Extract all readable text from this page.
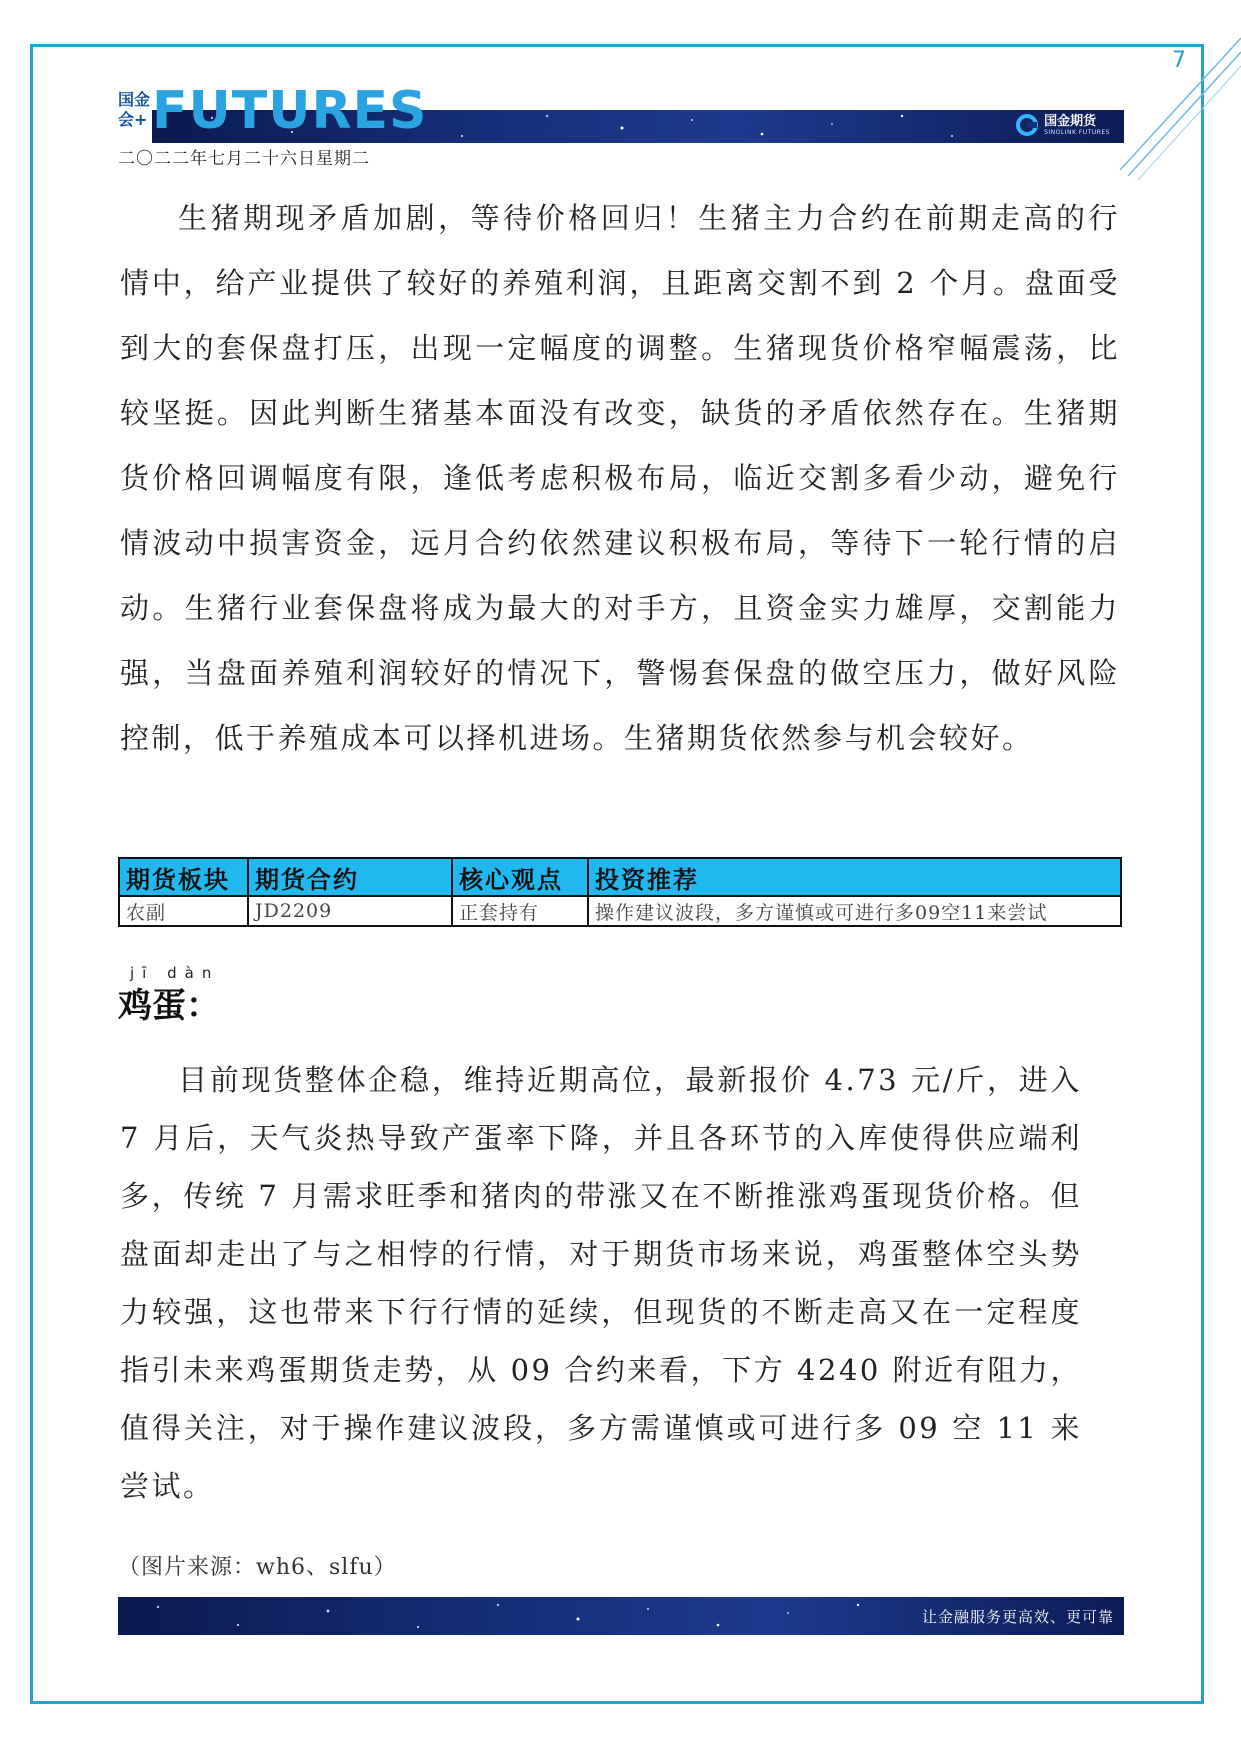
7
国金会+	国金期货
SINOLINK FUTURES
FUTURES
二〇二二年七月二十六日星期二

生猪期现矛盾加剧，等待价格回归！生猪主力合约在前期走高的行情中，给产业提供了较好的养殖利润，且距离交割不到 2 个月。盘面受到大的套保盘打压，出现一定幅度的调整。生猪现货价格窄幅震荡，比较坚挺。因此判断生猪基本面没有改变，缺货的矛盾依然存在。生猪期货价格回调幅度有限，逢低考虑积极布局，临近交割多看少动，避免行情波动中损害资金，远月合约依然建议积极布局，等待下一轮行情的启动。生猪行业套保盘将成为最大的对手方，且资金实力雄厚，交割能力强，当盘面养殖利润较好的情况下，警惕套保盘的做空压力，做好风险控制，低于养殖成本可以择机进场。生猪期货依然参与机会较好。

期货板块	期货合约	核心观点	投资推荐
农副	JD2209	正套持有	操作建议波段，多方谨慎或可进行多09空11来尝试
jī dàn
鸡蛋：

目前现货整体企稳，维持近期高位，最新报价 4.73 元/斤，进入 7 月后，天气炎热导致产蛋率下降，并且各环节的入库使得供应端利多，传统 7 月需求旺季和猪肉的带涨又在不断推涨鸡蛋现货价格。但盘面却走出了与之相悖的行情，对于期货市场来说，鸡蛋整体空头势力较强，这也带来下行行情的延续，但现货的不断走高又在一定程度指引未来鸡蛋期货走势，从 09 合约来看，下方 4240 附近有阻力，值得关注，对于操作建议波段，多方需谨慎或可进行多 09 空 11 来尝试。

（图片来源：wh6、slfu）
让金融服务更高效、更可靠
